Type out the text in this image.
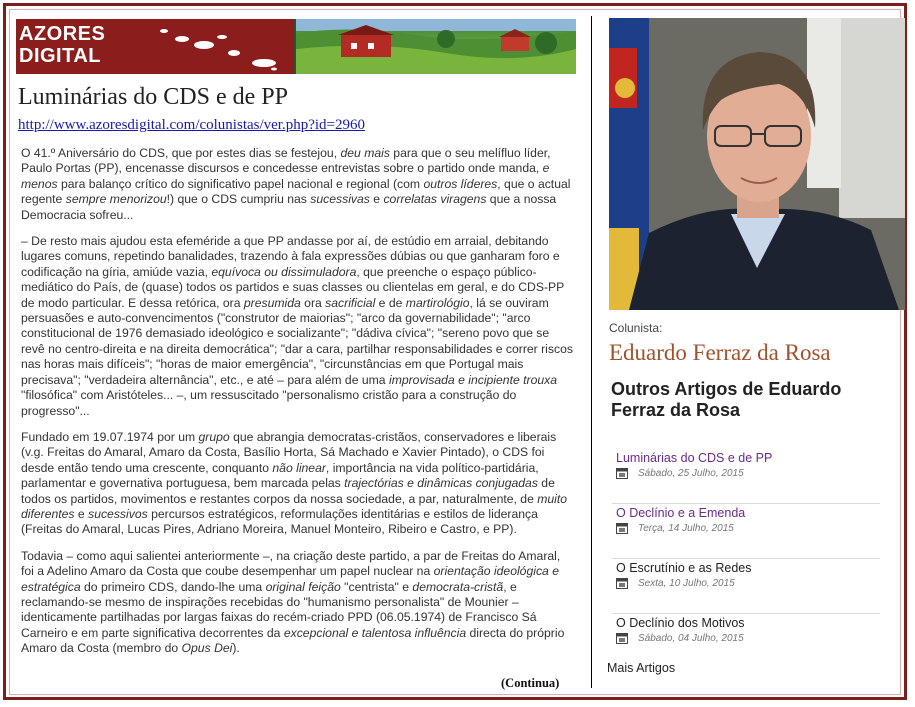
AZORES
DIGITAL
Luminárias do CDS e de PP
http://www.azoresdigital.com/colunistas/ver.php?id=2960

O 41.º Aniversário do CDS, que por estes dias se festejou, deu mais para que o seu melífluo líder, Paulo Portas (PP), encenasse discursos e concedesse entrevistas sobre o partido onde manda, e menos para balanço crítico do significativo papel nacional e regional (com outros líderes, que o actual regente sempre menorizou!) que o CDS cumpriu nas sucessivas e correlatas viragens que a nossa Democracia sofreu...

– De resto mais ajudou esta efeméride a que PP andasse por aí, de estúdio em arraial, debitando lugares comuns, repetindo banalidades, trazendo à fala expressões dúbias ou que ganharam foro e codificação na gíria, amiúde vazia, equívoca ou dissimuladora, que preenche o espaço público-mediático do País, de (quase) todos os partidos e suas classes ou clientelas em geral, e do CDS-PP de modo particular. E dessa retórica, ora presumida ora sacrificial e de martirológio, lá se ouviram persuasões e auto-convencimentos ("construtor de maiorias"; "arco da governabilidade"; "arco constitucional de 1976 demasiado ideológico e socializante"; "dádiva cívica"; "sereno povo que se revê no centro-direita e na direita democrática"; "dar a cara, partilhar responsabilidades e correr riscos nas horas mais difíceis"; "horas de maior emergência", "circunstâncias em que Portugal mais precisava"; "verdadeira alternância", etc., e até – para além de uma improvisada e incipiente trouxa "filosófica" com Aristóteles... –, um ressuscitado "personalismo cristão para a construção do progresso"...

Fundado em 19.07.1974 por um grupo que abrangia democratas-cristãos, conservadores e liberais (v.g. Freitas do Amaral, Amaro da Costa, Basílio Horta, Sá Machado e Xavier Pintado), o CDS foi desde então tendo uma crescente, conquanto não linear, importância na vida político-partidária, parlamentar e governativa portuguesa, bem marcada pelas trajectórias e dinâmicas conjugadas de todos os partidos, movimentos e restantes corpos da nossa sociedade, a par, naturalmente, de muito diferentes e sucessivos percursos estratégicos, reformulações identitárias e estilos de liderança (Freitas do Amaral, Lucas Pires, Adriano Moreira, Manuel Monteiro, Ribeiro e Castro, e PP).

Todavia – como aqui salientei anteriormente –, na criação deste partido, a par de Freitas do Amaral, foi a Adelino Amaro da Costa que coube desempenhar um papel nuclear na orientação ideológica e estratégica do primeiro CDS, dando-lhe uma original feição "centrista" e democrata-cristã, e reclamando-se mesmo de inspirações recebidas do "humanismo personalista" de Mounier – identicamente partilhadas por largas faixas do recém-criado PPD (06.05.1974) de Francisco Sá Carneiro e em parte significativa decorrentes da excepcional e talentosa influência directa do próprio Amaro da Costa (membro do Opus Dei).

(Continua)
Colunista:
Eduardo Ferraz da Rosa
Outros Artigos de Eduardo Ferraz da Rosa
Luminárias do CDS e de PP
Sábado, 25 Julho, 2015
O Declínio e a Emenda
Terça, 14 Julho, 2015
O Escrutínio e as Redes
Sexta, 10 Julho, 2015
O Declínio dos Motivos
Sábado, 04 Julho, 2015
Mais Artigos
